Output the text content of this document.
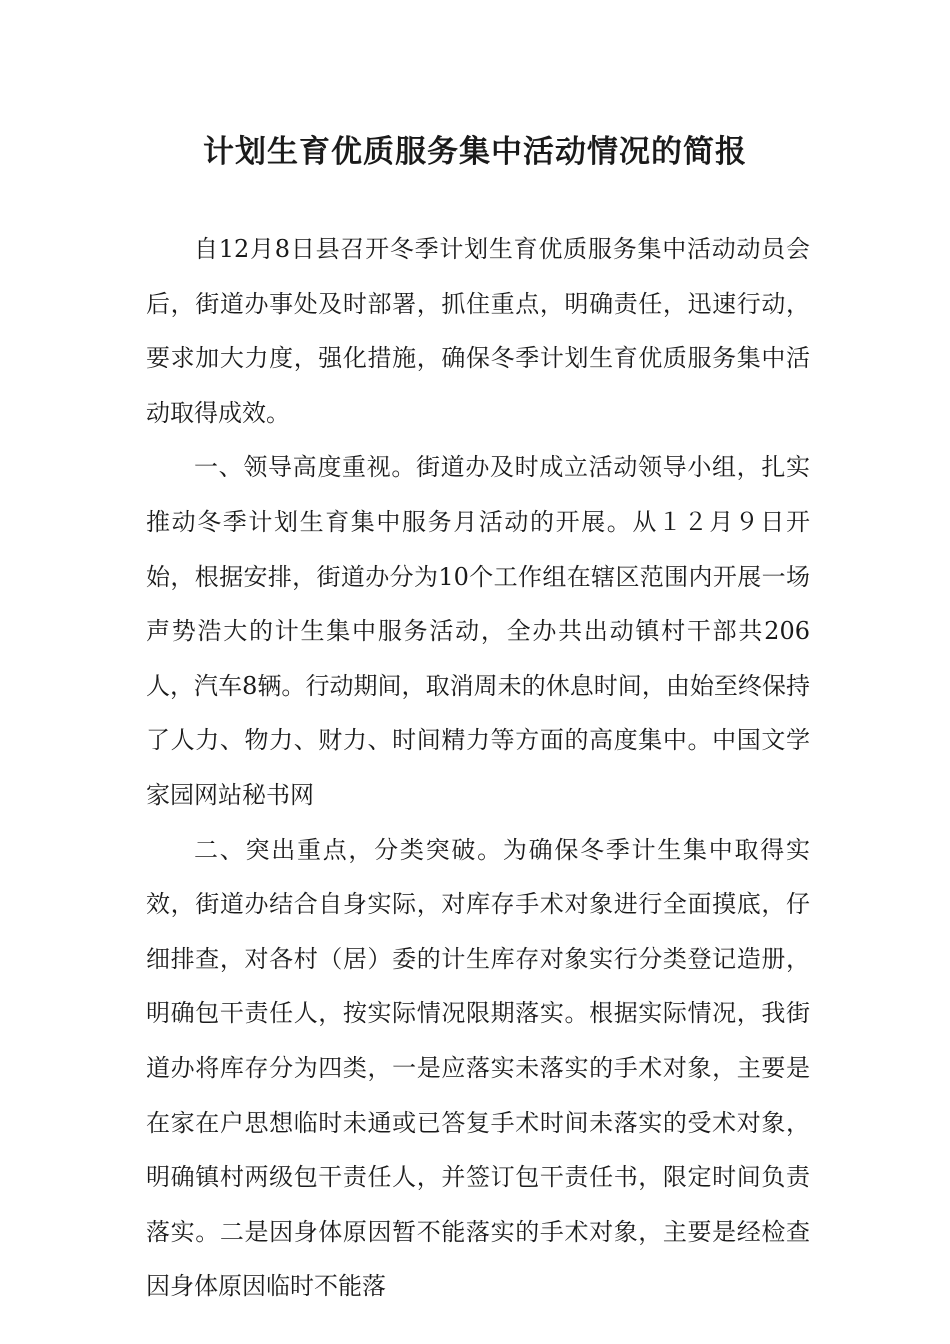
计划生育优质服务集中活动情况的简报

自12月8日县召开冬季计划生育优质服务集中活动动员会后，街道办事处及时部署，抓住重点，明确责任，迅速行动，要求加大力度，强化措施，确保冬季计划生育优质服务集中活动取得成效。

一、领导高度重视。街道办及时成立活动领导小组，扎实推动冬季计划生育集中服务月活动的开展。从１２月９日开始，根据安排，街道办分为10个工作组在辖区范围内开展一场声势浩大的计生集中服务活动，全办共出动镇村干部共206人，汽车8辆。行动期间，取消周未的休息时间，由始至终保持了人力、物力、财力、时间精力等方面的高度集中。中国文学家园网站秘书网

二、突出重点，分类突破。为确保冬季计生集中取得实效，街道办结合自身实际，对库存手术对象进行全面摸底，仔细排查，对各村（居）委的计生库存对象实行分类登记造册，明确包干责任人，按实际情况限期落实。根据实际情况，我街道办将库存分为四类，一是应落实未落实的手术对象，主要是在家在户思想临时未通或已答复手术时间未落实的受术对象，明确镇村两级包干责任人，并签订包干责任书，限定时间负责落实。二是因身体原因暂不能落实的手术对象，主要是经检查因身体原因临时不能落
